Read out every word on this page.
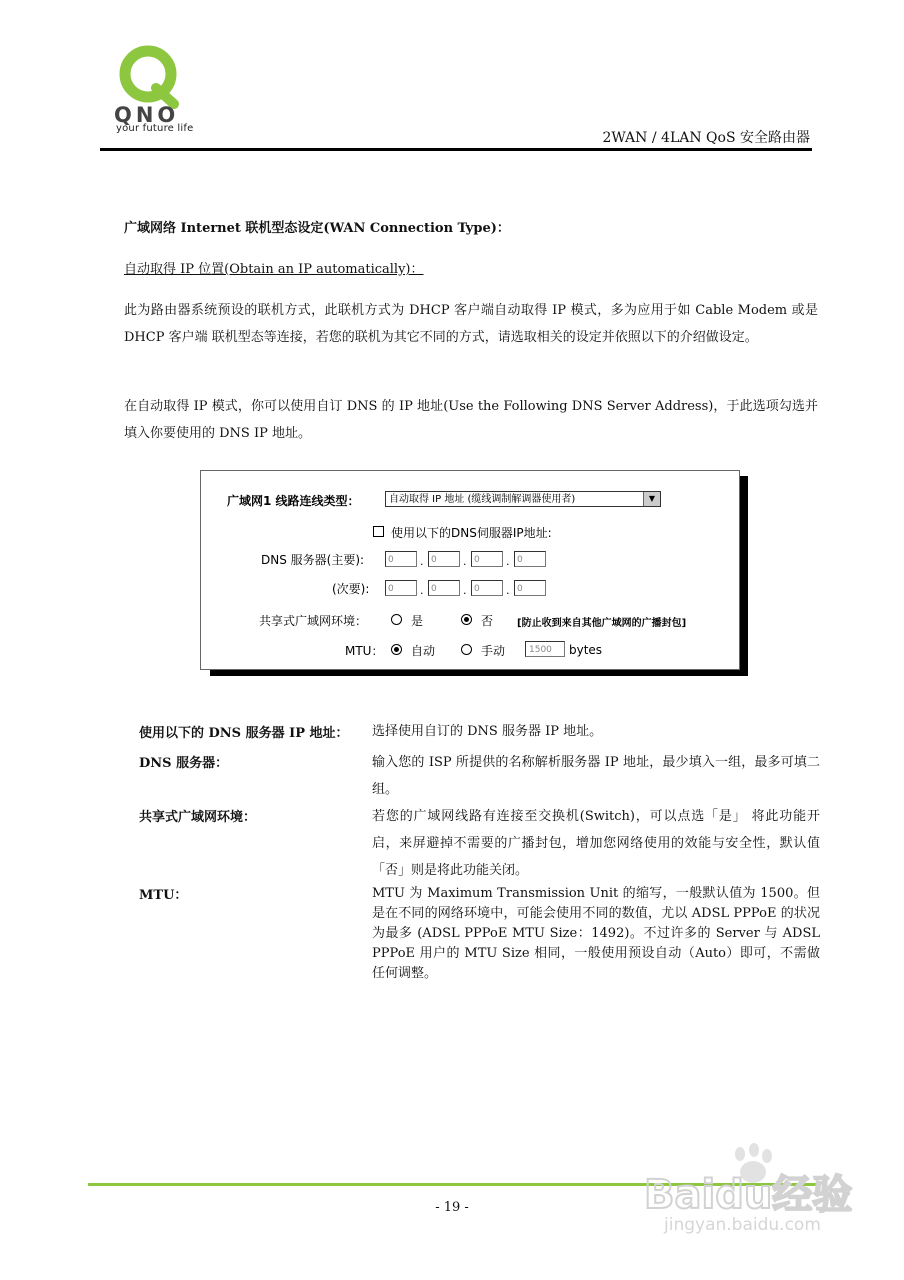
QNO
your future life
2WAN / 4LAN QoS 安全路由器
广域网络 Internet 联机型态设定(WAN Connection Type)：
自动取得 IP 位置(Obtain an IP automatically)：
此为路由器系统预设的联机方式，此联机方式为 DHCP 客户端自动取得 IP 模式，多为应用于如 Cable Modem 或是 DHCP 客户端 联机型态等连接，若您的联机为其它不同的方式，请选取相关的设定并依照以下的介绍做设定。
在自动取得 IP 模式，你可以使用自订 DNS 的 IP 地址(Use the Following DNS Server Address)，于此选项勾选并填入你要使用的 DNS IP 地址。
广域网1 线路连线类型：	自动取得 IP 地址 (缆线调制解调器使用者)	▼
使用以下的DNS伺服器IP地址:
DNS 服务器(主要):	0	. 0	. 0	. 0
(次要):	0	. 0	. 0	. 0
共享式广域网环境：	是	否 [防止收到来自其他广域网的广播封包]
MTU： 自动	手动	1500	bytes
使用以下的 DNS 服务器 IP 地址： 选择使用自订的 DNS 服务器 IP 地址。
DNS 服务器：	输入您的 ISP 所提供的名称解析服务器 IP 地址，最少填入一组，最多可填二组。
共享式广域网环境：	若您的广域网线路有连接至交换机(Switch)，可以点选「是」 将此功能开启，来屏避掉不需要的广播封包，增加您网络使用的效能与安全性，默认值「否」则是将此功能关闭。
MTU：	MTU 为 Maximum Transmission Unit 的缩写，一般默认值为 1500。但是在不同的网络环境中，可能会使用不同的数值，尤以 ADSL PPPoE 的状况为最多 (ADSL PPPoE MTU Size：1492)。不过许多的 Server 与 ADSL PPPoE 用户的 MTU Size 相同，一般使用预设自动（Auto）即可，不需做任何调整。
- 19 -	Baidu经验
jingyan.baidu.com
